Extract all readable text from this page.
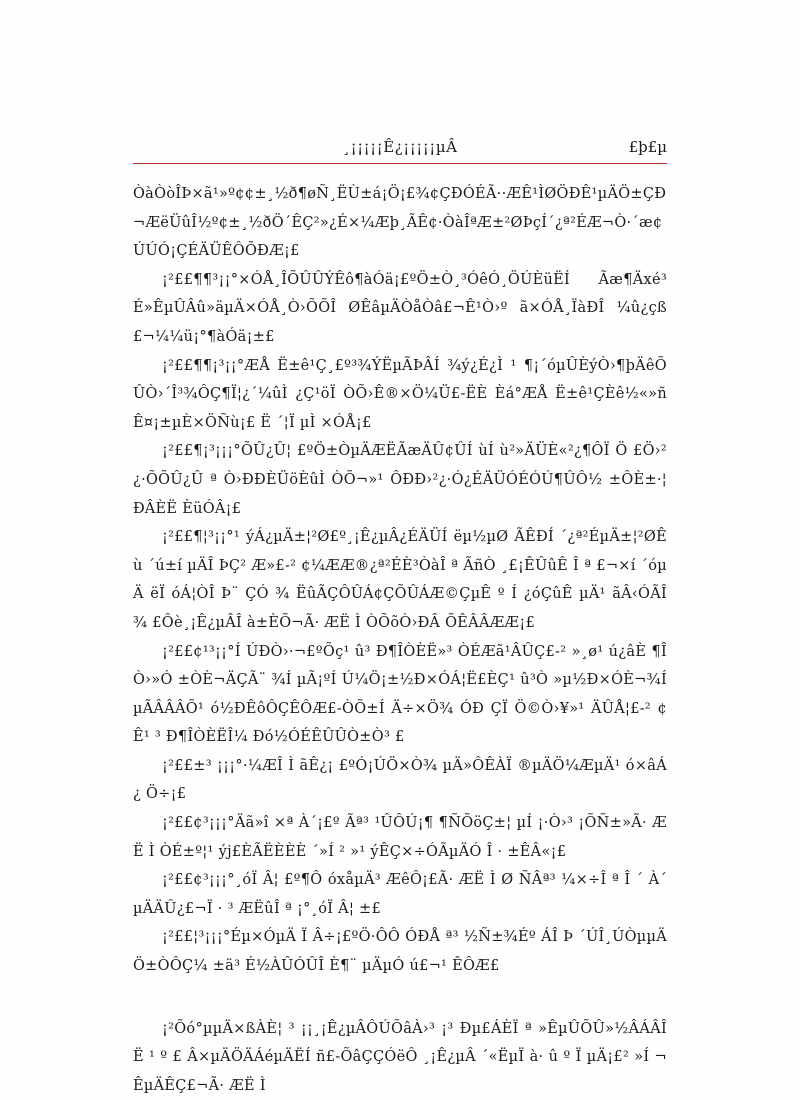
¸¡¡¡¡¡Ê¿¡¡¡¡¡µÂ	£þ£µ

ÒàÒòÎÞ×ã¹»º¢¢±¸½ð¶øÑ¸ËÙ±á¡Ö¡£¾¢ÇÐÓÉÃ··ÆÊ¹ÌØÖÐÊ¹µÄÖ±ÇÐ¬ÆëÜûÎ½º¢±¸½ðÖ´ÊÇ²»¿É×¼Æþ¸ÃÊ¢·ÒàÎªÆ±²ØÞçÍ´¿ª²ÉÆ¬Ò·´æ¢ÚÚÓ¡ÇÉÄÜÊÔÕÐÆ¡£

¡²££¶¶³¡¡°×ÓÅ¸ÎÕÛÛÝÊô¶àÓä¡£ºÖ±Ò¸³ÓêÓ¸ÖÚÈüËÍ Ãæ¶Äxé³É»ÊµÛÂû»äµÄ×ÓÅ¸Ò›ÕÕÎ ØÊâµÄÒåÒâ£¬Ê¹Ò›º ã×ÓÅ¸ÏàÐÎ ¼û¿çß£¬¼¼ü¡°¶àÓä¡±£

¡²££¶¶¡³¡¡°ÆÅ Ë±ê¹Ç¸£º³¾ÝËµÃÞÂÍ ¾ý¿É¿Ì ¹ ¶¡´óµÛÈýÒ›¶þÄêÕÛÒ›´Î³¾ÔÇ¶Ï¦¿´¼ûÌ ¿Ç¹öÏ ÒÕ›Ê®×Ö¼Ü£-ËÈ Èá°ÆÅ Ë±ê¹ÇÈê½«»ñÊ¤¡±µÈ×ÖÑù¡£ Ë ´¦Ï µÌ ×ÓÅ¡£

¡²££¶¡³¡¡¡°ÕÛ¿Û¦ £ºÖ±ÒµÄÆËÃæÄÛ¢ÛÍ ùÍ ù²»ÄÜÈ«²¿¶ÔÏ Ö £Ö›²¿·ÕÕÛ¿Û ª Ò›ÐÐÈÜöÈûÌ ÒÕ¬»¹ ÔÐÐ›²¿·Ó¿ÉÄÜÓÉÓÚ¶ÛÔ½ ±ÔÈ±·¦ÐÂÈË ÈüÓÂ¡£

¡²££¶¦³¡¡°¹ ýÁ¿µÄ±¦²Ø£º¸¡Ê¿µÂ¿ÉÄÜÍ ëµ½µØ ÃÊÐÍ ´¿ª²ÉµÄ±¦²ØÊù ´ú±í µÄÎ ÞÇ² Æ»£-² ¢¼ÆÆ®¿ª²ÉÈ³ÒàÎ ª ÃñÒ ¸£¡ÊÛûÊ Î ª £¬×í ´óµÄ ëÏ óÁ¦ÒÎ Þ¨ ÇÓ ¾ ËûÃÇÔÛÁ¢ÇÕÛÁÆ©ÇµÊ º Í ¿óÇûÊ µÄ¹ ãÂ‹ÓÃÎ ¾ £Ôè¸¡Ê¿µÂÎ à±ÈÕ¬Ã· ÆË Ì ÒÕõÒ›ÐÂ ÕÊÂÂÆÆ¡£

¡²££¢¹³¡¡°Í ÚÐÒ›·¬£ºÕç¹ û³ Ð¶ÎÒÈË»³ ÒÉÆã¹ÂÛÇ£-² »¸ø¹ ú¿âÈ ¶ÎÒ›»Ó ±ÒÈ¬ÄÇÃ¨ ¾Í µÃ¡ºÍ Ú¼Ö¡±½Ð×ÓÁ¦Ë£ÈÇ¹ û³Ò »µ½Ð×ÓÈ¬¾Í µÃÂÂÂÕ¹ ó½ÐÊôÔÇÊÔÆ£-ÒÕ±Í Ä÷×Ö¾ ÓÐ ÇÏ Ö©Ò›¥»¹ ÄÛÅ¦£-² ¢Ê¹ ³ Ð¶ÎÒÈËÎ¼ Ðó½ÓÉÊÛÛÒ±Ò³ £

¡²££±³ ¡¡¡°·¼ÆÎ Ì ãÊ¿¡ £ºÓ¡ÚÖ×Ò¾ µÄ»ÔÊÀÏ ®µÄÖ¼ÆµÄ¹ ó×âÁ¿ Ö÷¡£

¡²££¢³¡¡¡°Äã»î ×ª À´¡£º Ãª³ ¹ÛÔÚ¡¶ ¶ÑÕöÇ±¦ µÍ ¡·Ò›³ ¡ÕÑ±»Ã· ÆË Ì ÒÉ±º¦¹ ýj£ÈÃËÈÈÈ ´»Í ² »¹ ýÊÇ×÷ÓÃµÄÓ Î · ±ÊÂ«¡£

¡²££¢³¡¡¡°¸óÏ Â¦ £º¶Ô óxåµÄ³ ÆêÔ¡£Ã· ÆË Ì Ø ÑÂª³ ¼×÷Î ª Î ´ À´ µÄÄÛ¿£¬Ï · ³ ÆËûÎ ª ¡°¸óÏ Â¦ ±£

¡²££¦³¡¡¡°Éµ×ÓµÄ Ï Â÷¡£ºÖ·ÔÔ ÓÐÅ ª³ ½Ñ±¾Éº ÁÎ Þ ´ÚÎ¸ÚÒµµÄÖ±ÒÔÇ¼ ±ä³ É½ÀÛÓÛÎ È¶¨ µÄµÓ ú£¬¹ ÊÔÆ£

¡²Õó°µµÄ×ßÀÈ¦ ³ ¡¡¸¡Ê¿µÂÔÚÕâÀ›³ ¡³ Ðµ£ÁÈÏ ª »ÊµÛÕÛ»½ÂÁÂÎ Ë ¹ º £ Â×µÄÖÄÁéµÄËÍ ñ£-ÕâÇÇÓëÔ ¸¡Ê¿µÂ ´«ËµÏ à· û º Ï µÄ¡£² »Í ¬ÊµÄÊÇ£¬Ã· ÆË Ì
